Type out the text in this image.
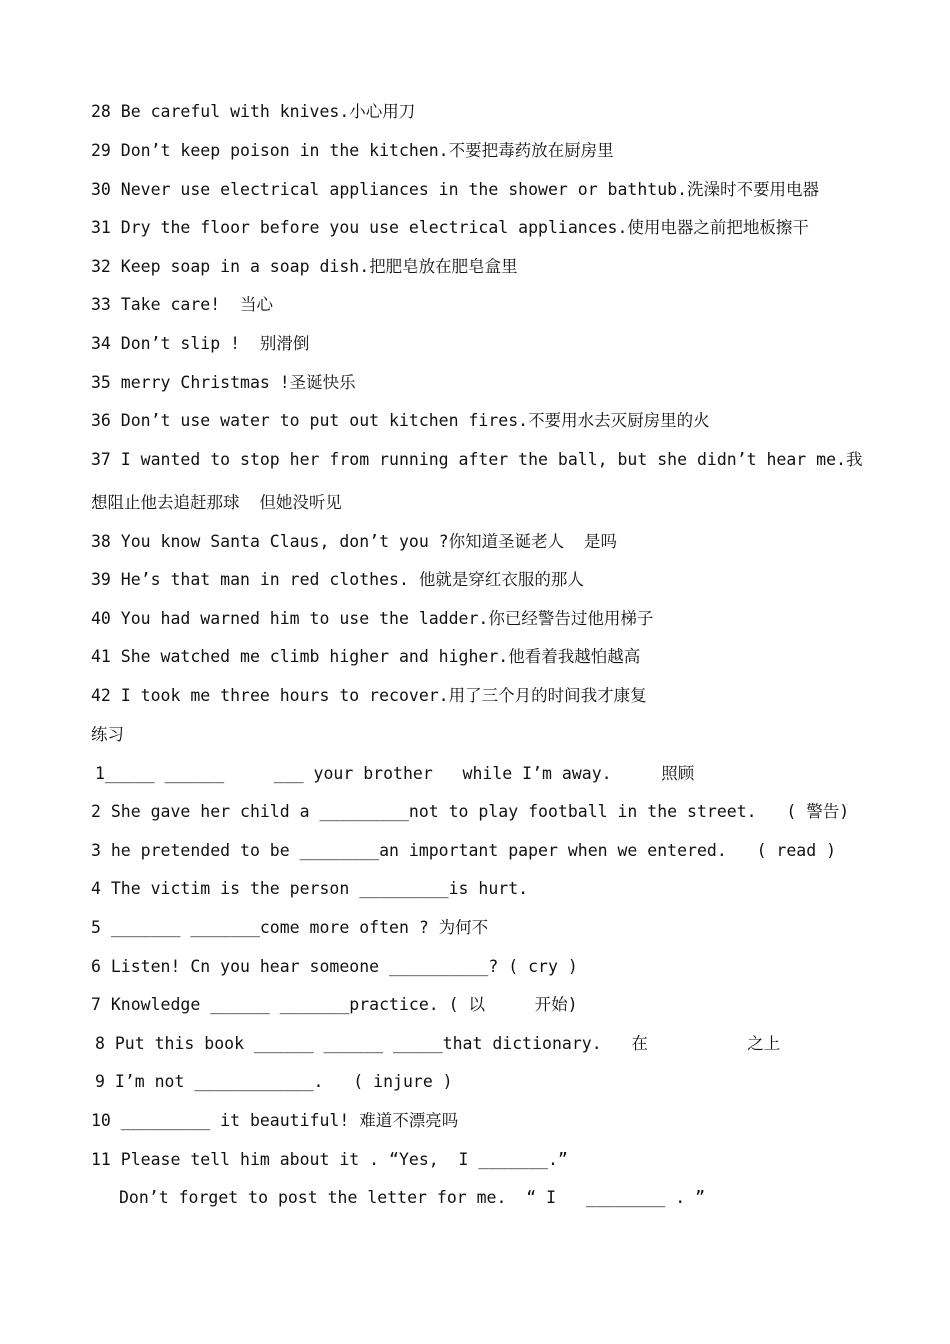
28 Be careful with knives.小心用刀
29 Don’t keep poison in the kitchen.不要把毒药放在厨房里
30 Never use electrical appliances in the shower or bathtub.洗澡时不要用电器
31 Dry the floor before you use electrical appliances.使用电器之前把地板擦干
32 Keep soap in a soap dish.把肥皂放在肥皂盒里
33 Take care!  当心
34 Don’t slip !  别滑倒
35 merry Christmas !圣诞快乐
36 Don’t use water to put out kitchen fires.不要用水去灭厨房里的火
37 I wanted to stop her from running after the ball, but she didn’t hear me.我
想阻止他去追赶那球  但她没听见
38 You know Santa Claus, don’t you ?你知道圣诞老人  是吗
39 He’s that man in red clothes. 他就是穿红衣服的那人
40 You had warned him to use the ladder.你已经警告过他用梯子
41 She watched me climb higher and higher.他看着我越怕越高
42 I took me three hours to recover.用了三个月的时间我才康复
练习
1_____ ______     ___ your brother   while I’m away.     照顾
2 She gave her child a _________not to play football in the street.   ( 警告)
3 he pretended to be ________an important paper when we entered.   ( read )
4 The victim is the person _________is hurt.
5 _______ _______come more often ? 为何不
6 Listen! Cn you hear someone __________? ( cry )
7 Knowledge ______ _______practice. ( 以     开始)
8 Put this book ______ ______ _____that dictionary.   在          之上
9 I’m not ____________.   ( injure )
10 _________ it beautiful! 难道不漂亮吗
11 Please tell him about it . “Yes,  I _______.”
Don’t forget to post the letter for me.  “ I   ________ . ”
